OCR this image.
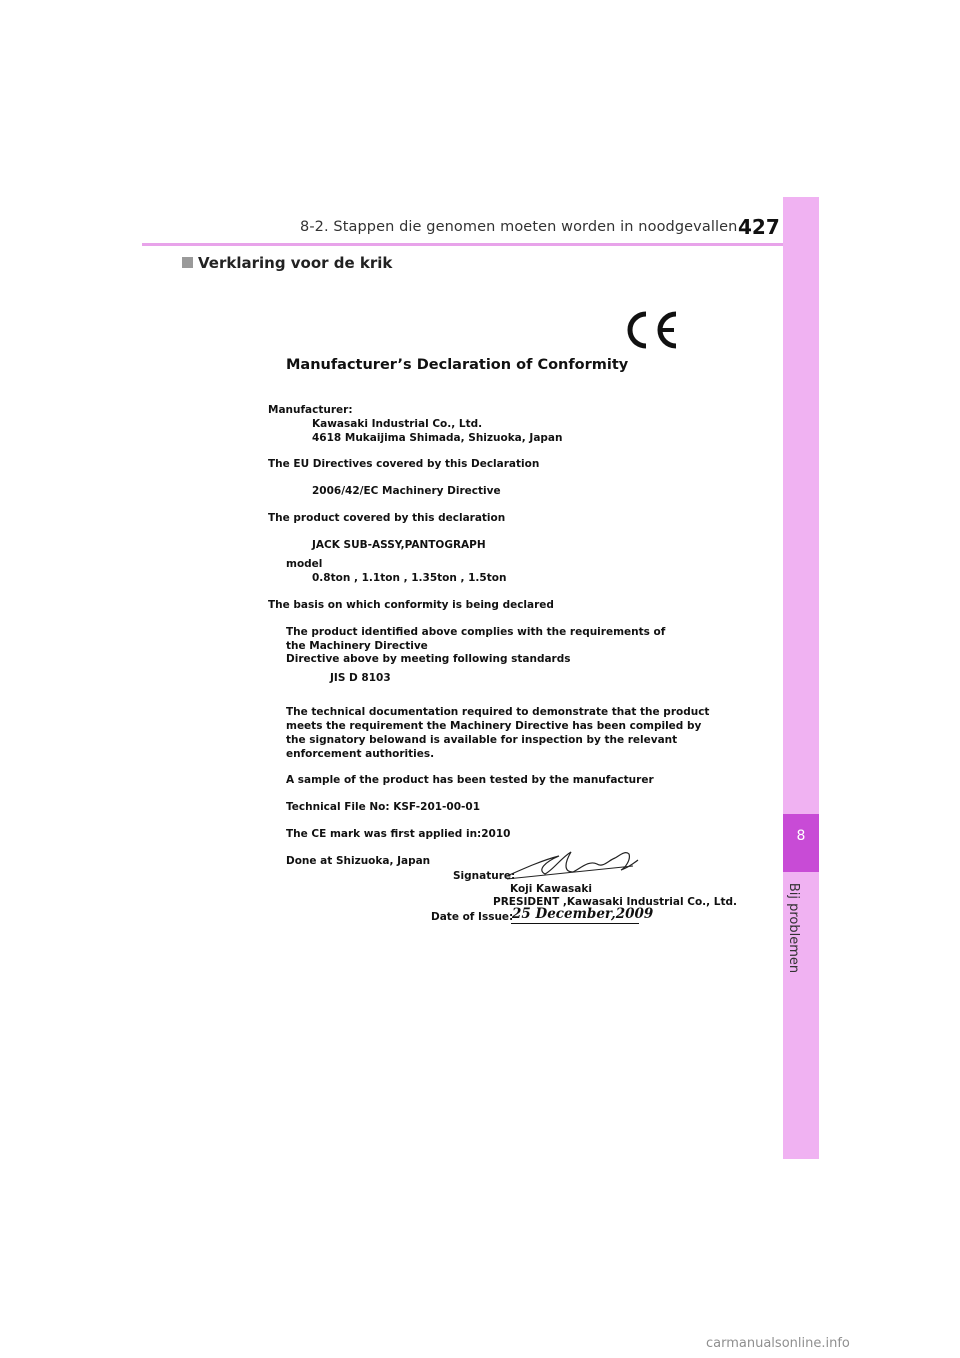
8-2. Stappen die genomen moeten worden in noodgevallen 427
8
Bij problemen
Verklaring voor de krik
Manufacturer’s Declaration of Conformity
Manufacturer:
Kawasaki Industrial Co., Ltd.
4618 Mukaijima Shimada, Shizuoka, Japan
The EU Directives covered by this Declaration
2006/42/EC Machinery Directive
The product covered by this declaration
JACK SUB-ASSY,PANTOGRAPH
model
0.8ton , 1.1ton , 1.35ton , 1.5ton
The basis on which conformity is being declared
The product identified above complies with the requirements of
the Machinery Directive
Directive above by meeting following standards
JIS D 8103
The technical documentation required to demonstrate that the product
meets the requirement the Machinery Directive has been compiled by
the signatory belowand is available for inspection by the relevant
enforcement authorities.
A sample of the product has been tested by the manufacturer
Technical File No: KSF-201-00-01
The CE mark was first applied in:2010
Done at Shizuoka, Japan
Signature:
Koji Kawasaki
PRESIDENT ,Kawasaki Industrial Co., Ltd.
Date of Issue:
25 December,2009
carmanualsonline.info
